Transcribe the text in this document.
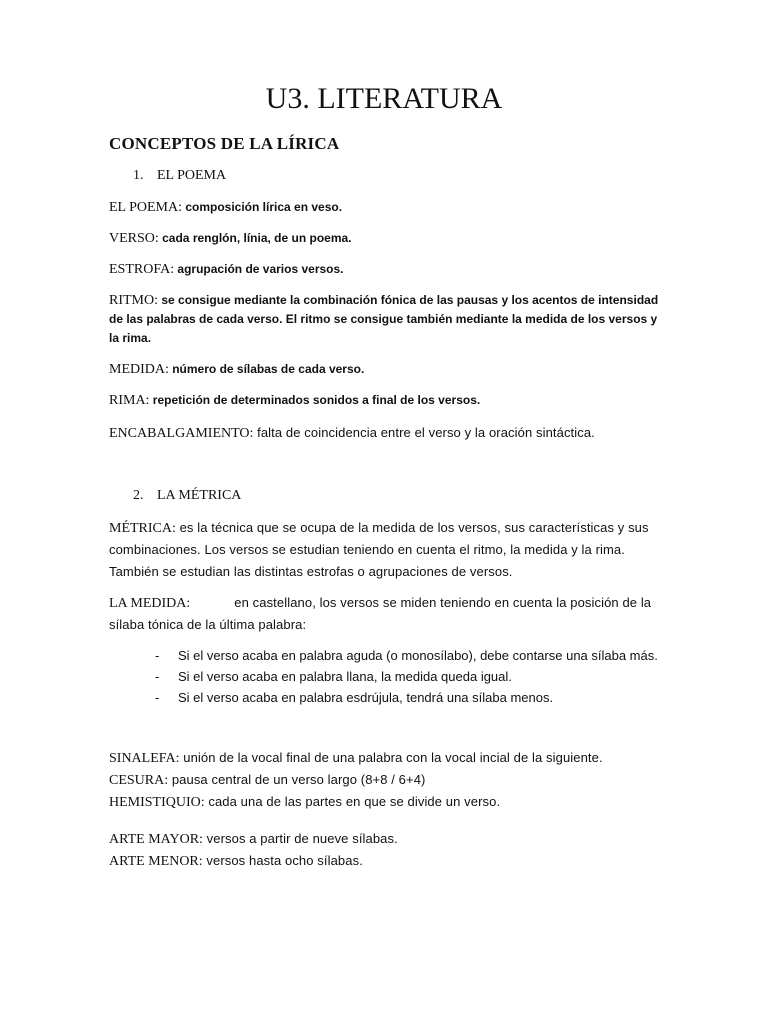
U3. LITERATURA
CONCEPTOS DE LA LÍRICA
1. EL POEMA
EL POEMA: composición lírica en veso.
VERSO: cada renglón, línia, de un poema.
ESTROFA: agrupación de varios versos.
RITMO: se consigue mediante la combinación fónica de las pausas y los acentos de intensidad de las palabras de cada verso. El ritmo se consigue también mediante la medida de los versos y la rima.
MEDIDA: número de sílabas de cada verso.
RIMA: repetición de determinados sonidos a final de los versos.
ENCABALGAMIENTO: falta de coincidencia entre el verso y la oración sintáctica.
2. LA MÉTRICA
MÉTRICA: es la técnica que se ocupa de la medida de los versos, sus características y sus combinaciones. Los versos se estudian teniendo en cuenta el ritmo, la medida y la rima. También se estudian las distintas estrofas o agrupaciones de versos.
LA MEDIDA:	en castellano, los versos se miden teniendo en cuenta la posición de la sílaba tónica de la última palabra:
- Si el verso acaba en palabra aguda (o monosílabo), debe contarse una sílaba más.
- Si el verso acaba en palabra llana, la medida queda igual.
- Si el verso acaba en palabra esdrújula, tendrá una sílaba menos.
SINALEFA: unión de la vocal final de una palabra con la vocal incial de la siguiente.
CESURA: pausa central de un verso largo (8+8 / 6+4)
HEMISTIQUIO: cada una de las partes en que se divide un verso.
ARTE MAYOR: versos a partir de nueve sílabas.
ARTE MENOR: versos hasta ocho sílabas.
